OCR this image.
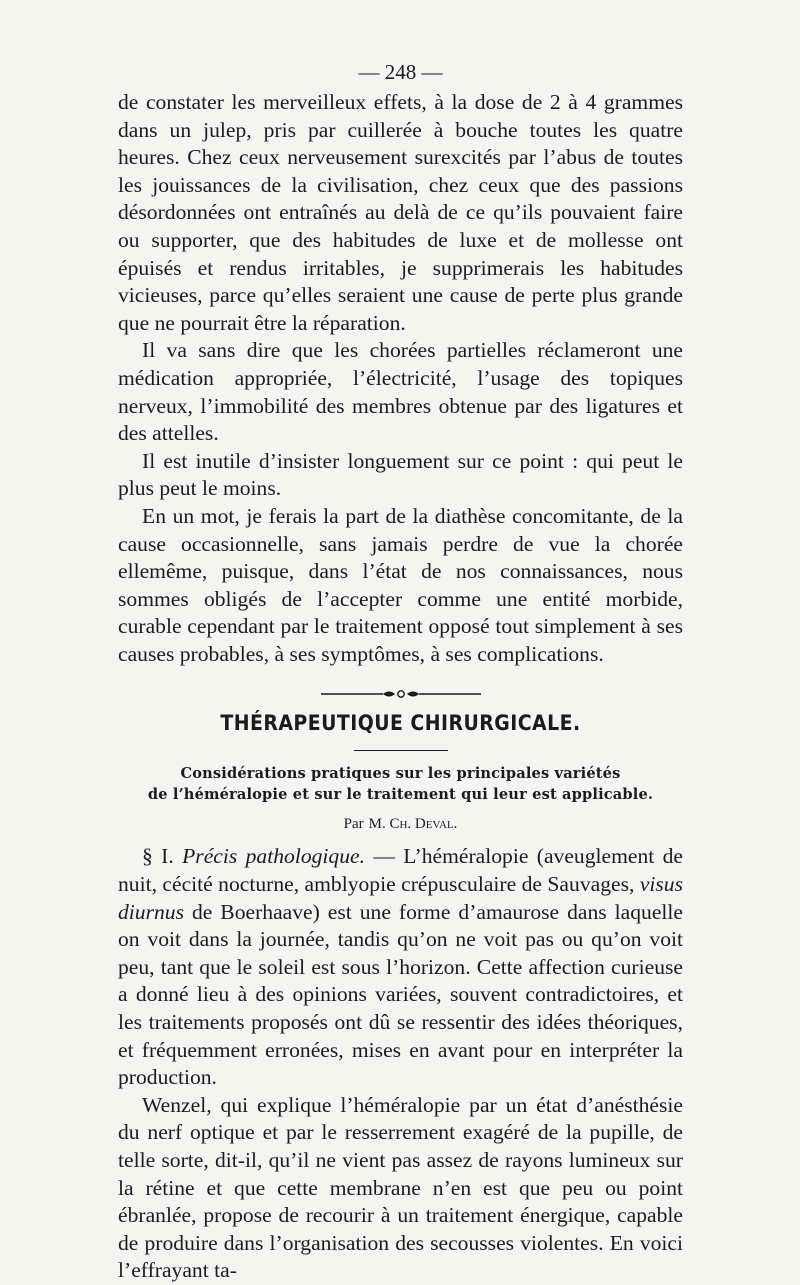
— 248 —

de constater les merveilleux effets, à la dose de 2 à 4 grammes dans un julep, pris par cuillerée à bouche toutes les quatre heures. Chez ceux nerveusement surexcités par l’abus de toutes les jouissances de la civilisation, chez ceux que des passions désordonnées ont entraînés au delà de ce qu’ils pouvaient faire ou supporter, que des habitudes de luxe et de mollesse ont épuisés et rendus irritables, je supprimerais les habitudes vicieuses, parce qu’elles seraient une cause de perte plus grande que ne pourrait être la réparation.

Il va sans dire que les chorées partielles réclameront une médication appropriée, l’électricité, l’usage des topiques nerveux, l’immobilité des membres obtenue par des ligatures et des attelles.

Il est inutile d’insister longuement sur ce point : qui peut le plus peut le moins.

En un mot, je ferais la part de la diathèse concomitante, de la cause occasionnelle, sans jamais perdre de vue la chorée ellemême, puisque, dans l’état de nos connaissances, nous sommes obligés de l’accepter comme une entité morbide, curable cependant par le traitement opposé tout simplement à ses causes probables, à ses symptômes, à ses complications.

THÉRAPEUTIQUE CHIRURGICALE.
Considérations pratiques sur les principales variétés
de l’héméralopie et sur le traitement qui leur est applicable.
Par M. Ch. Deval.

§ I. Précis pathologique. — L’héméralopie (aveuglement de nuit, cécité nocturne, amblyopie crépusculaire de Sauvages, visus diurnus de Boerhaave) est une forme d’amaurose dans laquelle on voit dans la journée, tandis qu’on ne voit pas ou qu’on voit peu, tant que le soleil est sous l’horizon. Cette affection curieuse a donné lieu à des opinions variées, souvent contradictoires, et les traitements proposés ont dû se ressentir des idées théoriques, et fréquemment erronées, mises en avant pour en interpréter la production.

Wenzel, qui explique l’héméralopie par un état d’anésthésie du nerf optique et par le resserrement exagéré de la pupille, de telle sorte, dit-il, qu’il ne vient pas assez de rayons lumineux sur la rétine et que cette membrane n’en est que peu ou point ébranlée, propose de recourir à un traitement énergique, capable de produire dans l’organisation des secousses violentes. En voici l’effrayant ta-
